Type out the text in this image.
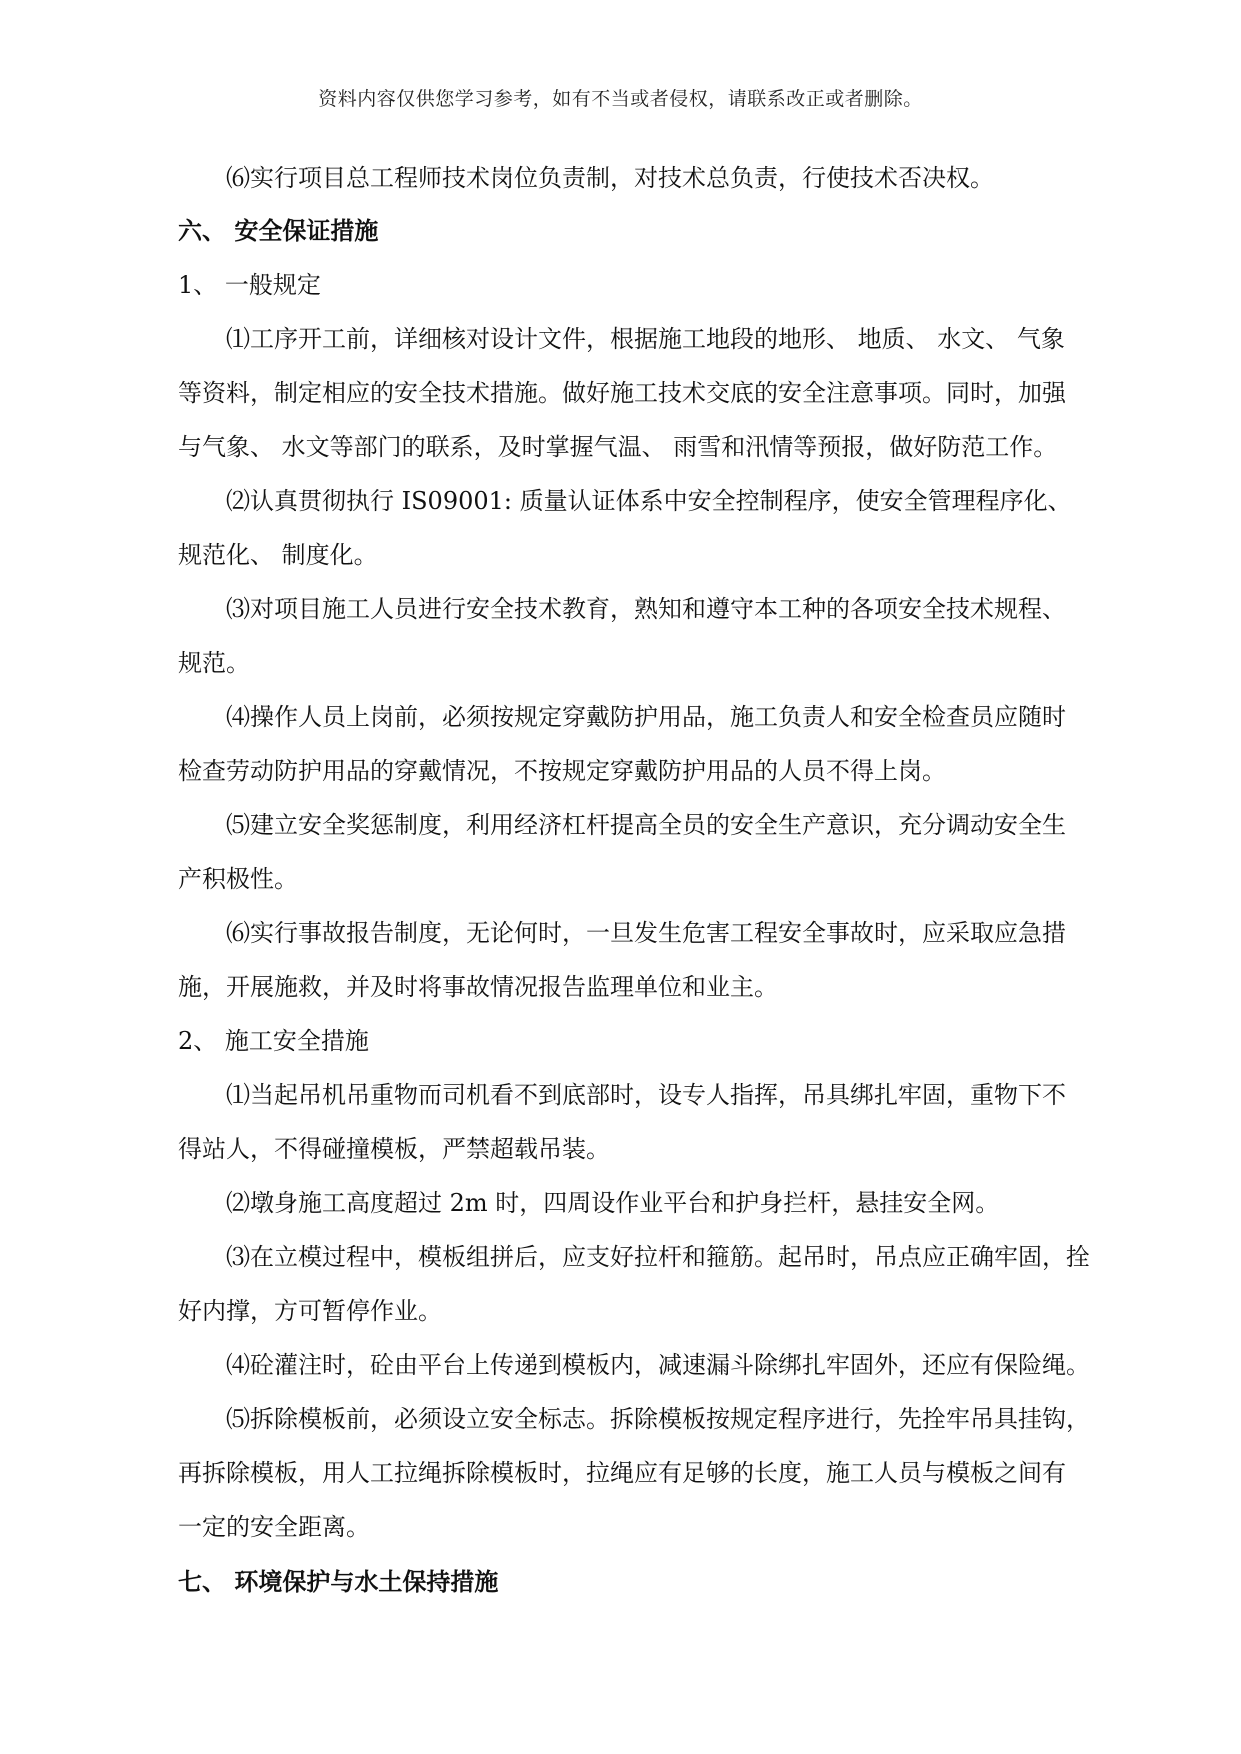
资料内容仅供您学习参考，如有不当或者侵权，请联系改正或者删除。
⑹实行项目总工程师技术岗位负责制，对技术总负责，行使技术否决权。
六、 安全保证措施
1、 一般规定
⑴工序开工前，详细核对设计文件，根据施工地段的地形、 地质、 水文、 气象
等资料，制定相应的安全技术措施。做好施工技术交底的安全注意事项。同时，加强
与气象、 水文等部门的联系，及时掌握气温、 雨雪和汛情等预报，做好防范工作。
⑵认真贯彻执行 IS09001: 质量认证体系中安全控制程序，使安全管理程序化、
规范化、 制度化。
⑶对项目施工人员进行安全技术教育，熟知和遵守本工种的各项安全技术规程、
规范。
⑷操作人员上岗前，必须按规定穿戴防护用品，施工负责人和安全检查员应随时
检查劳动防护用品的穿戴情况，不按规定穿戴防护用品的人员不得上岗。
⑸建立安全奖惩制度，利用经济杠杆提高全员的安全生产意识，充分调动安全生
产积极性。
⑹实行事故报告制度，无论何时，一旦发生危害工程安全事故时，应采取应急措
施，开展施救，并及时将事故情况报告监理单位和业主。
2、 施工安全措施
⑴当起吊机吊重物而司机看不到底部时，设专人指挥，吊具绑扎牢固，重物下不
得站人，不得碰撞模板，严禁超载吊装。
⑵墩身施工高度超过 2m 时，四周设作业平台和护身拦杆，悬挂安全网。
⑶在立模过程中，模板组拼后，应支好拉杆和箍筋。起吊时，吊点应正确牢固，拴
好内撑，方可暂停作业。
⑷砼灌注时，砼由平台上传递到模板内，减速漏斗除绑扎牢固外，还应有保险绳。
⑸拆除模板前，必须设立安全标志。拆除模板按规定程序进行，先拴牢吊具挂钩，
再拆除模板，用人工拉绳拆除模板时，拉绳应有足够的长度，施工人员与模板之间有
一定的安全距离。
七、 环境保护与水土保持措施
